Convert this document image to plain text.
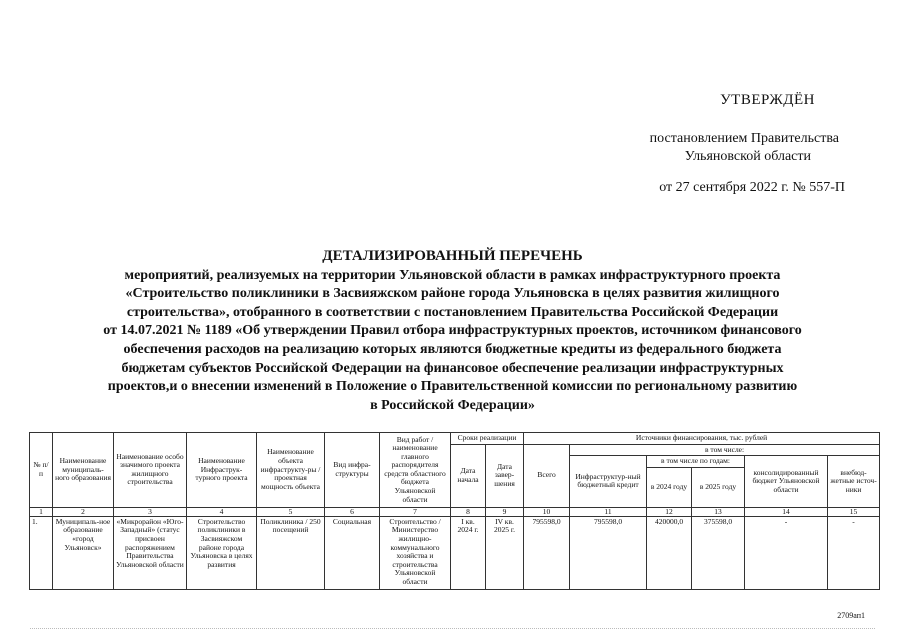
УТВЕРЖДЁН
постановлением Правительства
Ульяновской области
от 27 сентября 2022 г. № 557-П
ДЕТАЛИЗИРОВАННЫЙ ПЕРЕЧЕНЬ
мероприятий, реализуемых на территории Ульяновской области в рамках инфраструктурного проекта
«Строительство поликлиники в Засвияжском районе города Ульяновска в целях развития жилищного
строительства», отобранного в соответствии с постановлением Правительства Российской Федерации
от 14.07.2021 № 1189 «Об утверждении Правил отбора инфраструктурных проектов, источником финансового
обеспечения расходов на реализацию которых являются бюджетные кредиты из федерального бюджета
бюджетам субъектов Российской Федерации на финансовое обеспечение реализации инфраструктурных
проектов,и о внесении изменений в Положение о Правительственной комиссии по региональному развитию
в Российской Федерации»
№ п/п	Наименование муниципаль-ного образования	Наименование особо значимого проекта жилищного строительства	Наименование Инфраструк-турного проекта	Наименование объекта инфраструкту-ры / проектная мощность объекта	Вид инфра-структуры	Вид работ / наименование главного распорядителя средств областного бюджета Ульяновской области	Сроки реализации		Источники финансирования, тыс. рублей					
							Дата начала	Дата завер-шения	Всего	в том числе:				
										Инфраструктур-ный бюджетный кредит	в том числе по годам:		консолидированный бюджет Ульяновской области	внебюд-жетные источ-ники
											в 2024 году	в 2025 году		
1	2	3	4	5	6	7	8	9	10	11	12	13	14	15
1.	Муниципаль-ное образование «город Ульяновск»	«Микрорайон «Юго-Западный» (статус присвоен распоряжением Правительства Ульяновской области	Строительство поликлиники в Засвияжском районе города Ульяновска в целях развития	Поликлиника / 250 посещений	Социальная	Строительство / Министерство жилищно-коммунального хозяйства и строительства Ульяновской области	I кв. 2024 г.	IV кв. 2025 г.	795598,0	795598,0	420000,0	375598,0	-	-
2709ап1
